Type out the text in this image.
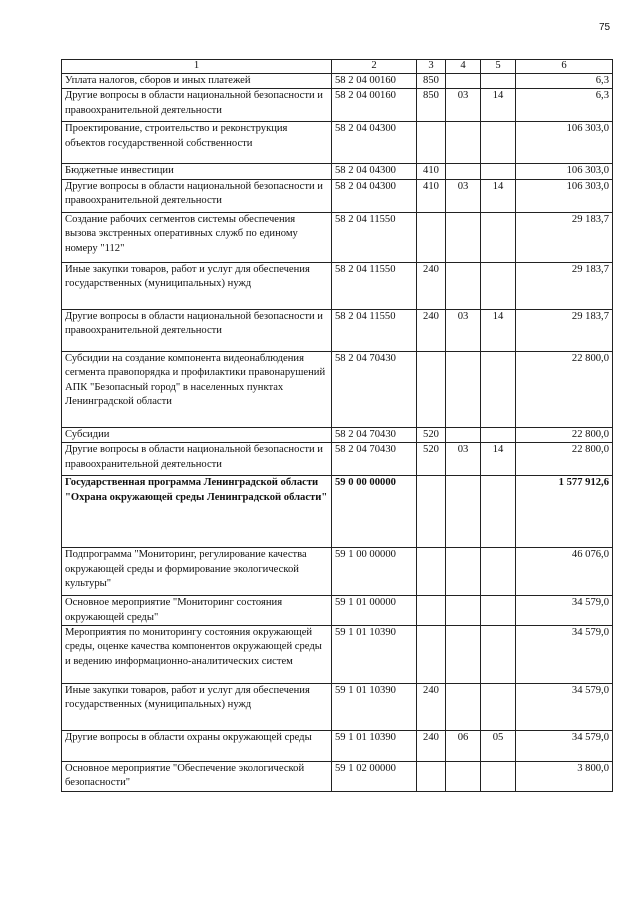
75
1	2	3	4	5	6
Уплата налогов, сборов и иных платежей	58 2 04 00160	850			6,3
Другие вопросы в области национальной безопасности и правоохранительной деятельности	58 2 04 00160	850	03	14	6,3
Проектирование, строительство и реконструкция объектов государственной собственности	58 2 04 04300				106 303,0
Бюджетные инвестиции	58 2 04 04300	410			106 303,0
Другие вопросы в области национальной безопасности и правоохранительной деятельности	58 2 04 04300	410	03	14	106 303,0
Создание рабочих сегментов системы обеспечения вызова экстренных оперативных служб по единому номеру "112"	58 2 04 11550				29 183,7
Иные закупки товаров, работ и услуг для обеспечения государственных (муниципальных) нужд	58 2 04 11550	240			29 183,7
Другие вопросы в области национальной безопасности и правоохранительной деятельности	58 2 04 11550	240	03	14	29 183,7
Субсидии на создание компонента видеонаблюдения сегмента правопорядка и профилактики правонарушений АПК "Безопасный город" в населенных пунктах Ленинградской области	58 2 04 70430				22 800,0
Субсидии	58 2 04 70430	520			22 800,0
Другие вопросы в области национальной безопасности и правоохранительной деятельности	58 2 04 70430	520	03	14	22 800,0
Государственная программа Ленинградской области "Охрана окружающей среды Ленинградской области"	59 0 00 00000				1 577 912,6
Подпрограмма "Мониторинг, регулирование качества окружающей среды и формирование экологической культуры"	59 1 00 00000				46 076,0
Основное мероприятие "Мониторинг состояния окружающей среды"	59 1 01 00000				34 579,0
Мероприятия по мониторингу состояния окружающей среды, оценке качества компонентов окружающей среды и ведению информационно-аналитических систем	59 1 01 10390				34 579,0
Иные закупки товаров, работ и услуг для обеспечения государственных (муниципальных) нужд	59 1 01 10390	240			34 579,0
Другие вопросы в области охраны окружающей среды	59 1 01 10390	240	06	05	34 579,0
Основное мероприятие "Обеспечение экологической безопасности"	59 1 02 00000				3 800,0
